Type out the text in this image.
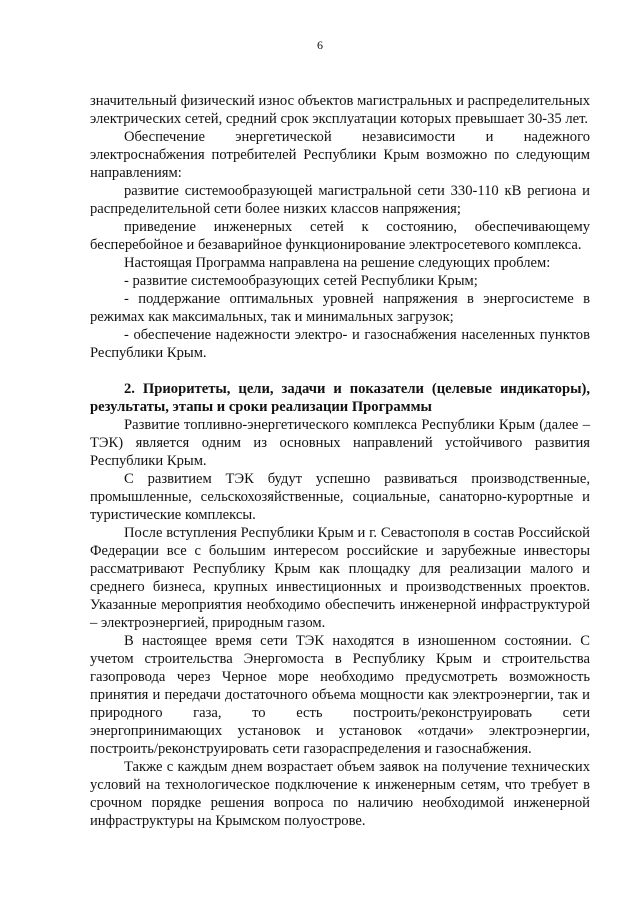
6

значительный физический износ объектов магистральных и распределительных электрических сетей, средний срок эксплуатации которых превышает 30-35 лет.

Обеспечение энергетической независимости и надежного электроснабжения потребителей Республики Крым возможно по следующим направлениям:

развитие системообразующей магистральной сети 330-110 кВ региона и распределительной сети более низких классов напряжения;

приведение инженерных сетей к состоянию, обеспечивающему бесперебойное и безаварийное функционирование электросетевого комплекса.

Настоящая Программа направлена на решение следующих проблем:

- развитие системообразующих сетей Республики Крым;

- поддержание оптимальных уровней напряжения в энергосистеме в режимах как максимальных, так и минимальных загрузок;

- обеспечение надежности электро- и газоснабжения населенных пунктов Республики Крым.

2. Приоритеты, цели, задачи и показатели (целевые индикаторы), результаты, этапы и сроки реализации Программы

Развитие топливно-энергетического комплекса Республики Крым (далее – ТЭК) является одним из основных направлений устойчивого развития Республики Крым.

С развитием ТЭК будут успешно развиваться производственные, промышленные, сельскохозяйственные, социальные, санаторно-курортные и туристические комплексы.

После вступления Республики Крым и г. Севастополя в состав Российской Федерации все с большим интересом российские и зарубежные инвесторы рассматривают Республику Крым как площадку для реализации малого и среднего бизнеса, крупных инвестиционных и производственных проектов. Указанные мероприятия необходимо обеспечить инженерной инфраструктурой – электроэнергией, природным газом.

В настоящее время сети ТЭК находятся в изношенном состоянии. С учетом строительства Энергомоста в Республику Крым и строительства газопровода через Черное море необходимо предусмотреть возможность принятия и передачи достаточного объема мощности как электроэнергии, так и природного газа, то есть построить/реконструировать сети энергопринимающих установок и установок «отдачи» электроэнергии, построить/реконструировать сети газораспределения и газоснабжения.

Также с каждым днем возрастает объем заявок на получение технических условий на технологическое подключение к инженерным сетям, что требует в срочном порядке решения вопроса по наличию необходимой инженерной инфраструктуры на Крымском полуострове.
